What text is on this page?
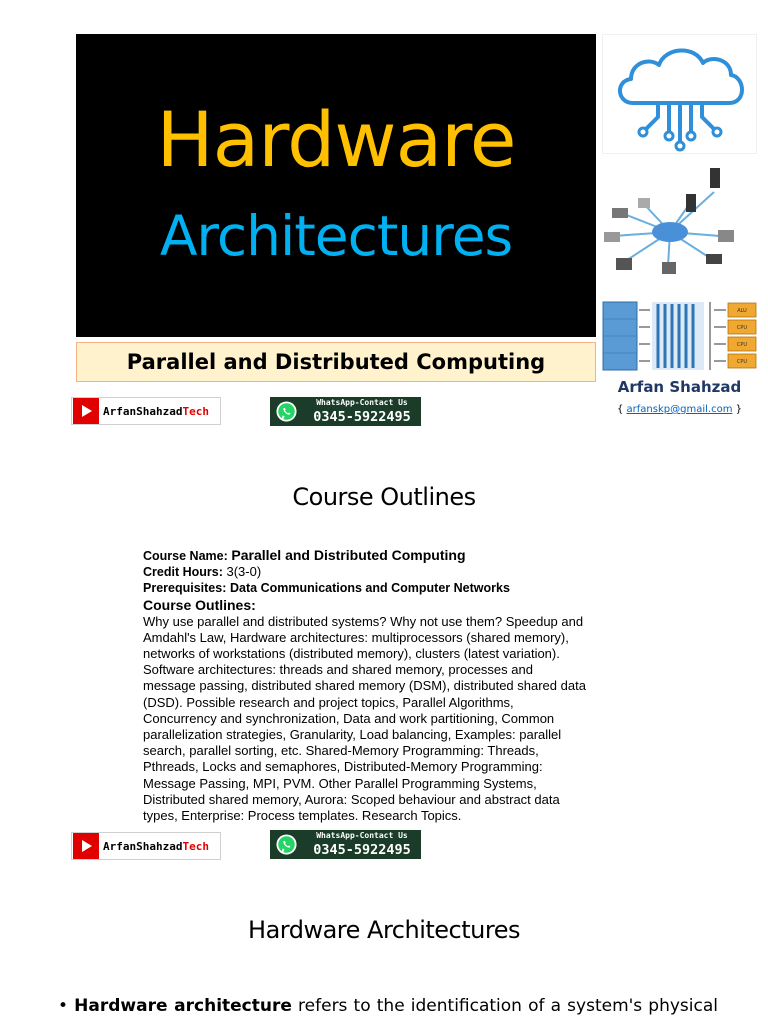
Hardware
Architectures
Parallel and Distributed Computing
ALU
CPU
CPU
CPU
Arfan Shahzad
{ arfanskp@gmail.com }
ArfanShahzadTech
WhatsApp-Contact Us
0345-5922495
Course Outlines
Course Name: Parallel and Distributed Computing
Credit Hours: 3(3-0)
Prerequisites: Data Communications and Computer Networks
Course Outlines:
Why use parallel and distributed systems? Why not use them? Speedup and
Amdahl's Law, Hardware architectures: multiprocessors (shared memory),
networks of workstations (distributed memory), clusters (latest variation).
Software architectures: threads and shared memory, processes and
message passing, distributed shared memory (DSM), distributed shared data
(DSD). Possible research and project topics, Parallel Algorithms,
Concurrency and synchronization, Data and work partitioning, Common
parallelization strategies, Granularity, Load balancing, Examples: parallel
search, parallel sorting, etc. Shared-Memory Programming: Threads,
Pthreads, Locks and semaphores, Distributed-Memory Programming:
Message Passing, MPI, PVM. Other Parallel Programming Systems,
Distributed shared memory, Aurora: Scoped behaviour and abstract data
types, Enterprise: Process templates. Research Topics.
ArfanShahzadTech
WhatsApp-Contact Us
0345-5922495
Hardware Architectures
• Hardware architecture refers to the identification of a system's physical
